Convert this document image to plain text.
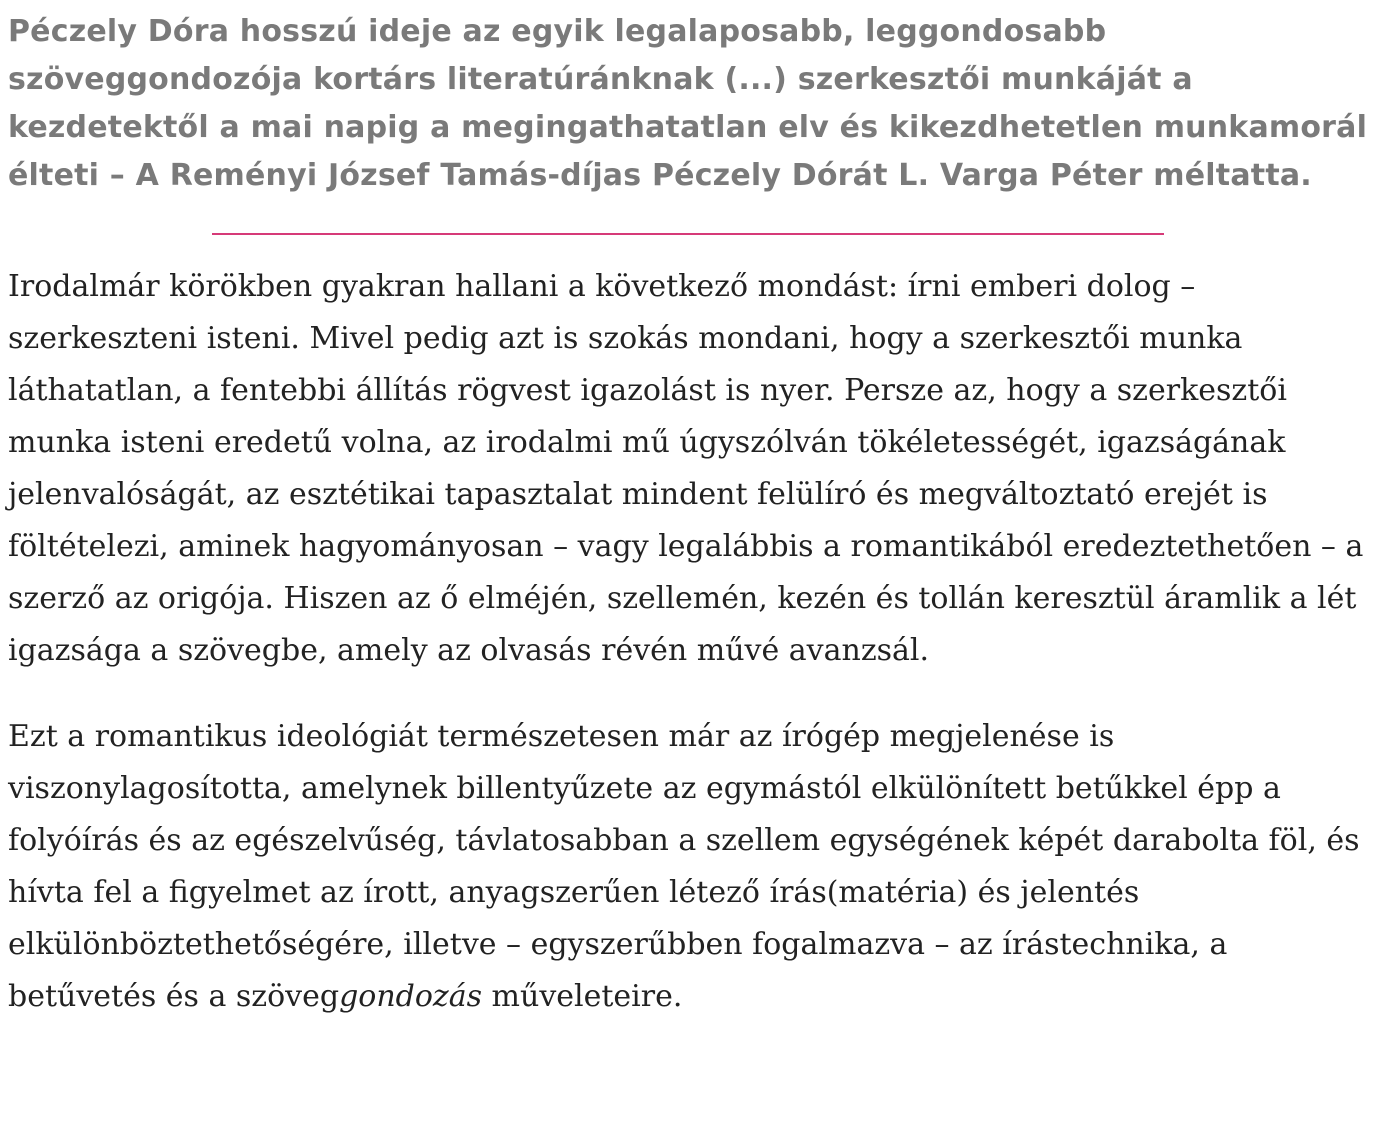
Péczely Dóra hosszú ideje az egyik legalaposabb, leggondosabb szöveggondozója kortárs literatúránknak (...) szerkesztői munkáját a kezdetektől a mai napig a megingathatatlan elv és kikezdhetetlen munkamorál élteti – A Reményi József Tamás-díjas Péczely Dórát L. Varga Péter méltatta.

Irodalmár körökben gyakran hallani a következő mondást: írni emberi dolog – szerkeszteni isteni. Mivel pedig azt is szokás mondani, hogy a szerkesztői munka láthatatlan, a fentebbi állítás rögvest igazolást is nyer. Persze az, hogy a szerkesztői munka isteni eredetű volna, az irodalmi mű úgyszólván tökéletességét, igazságának jelenvalóságát, az esztétikai tapasztalat mindent felülíró és megváltoztató erejét is föltételezi, aminek hagyományosan – vagy legalábbis a romantikából eredeztethetően – a szerző az origója. Hiszen az ő elméjén, szellemén, kezén és tollán keresztül áramlik a lét igazsága a szövegbe, amely az olvasás révén művé avanzsál.

Ezt a romantikus ideológiát természetesen már az írógép megjelenése is viszonylagosította, amelynek billentyűzete az egymástól elkülönített betűkkel épp a folyóírás és az egészelvűség, távlatosabban a szellem egységének képét darabolta föl, és hívta fel a figyelmet az írott, anyagszerűen létező írás(matéria) és jelentés elkülönböztethetőségére, illetve – egyszerűbben fogalmazva – az írástechnika, a betűvetés és a szöveggondozás műveleteire.
